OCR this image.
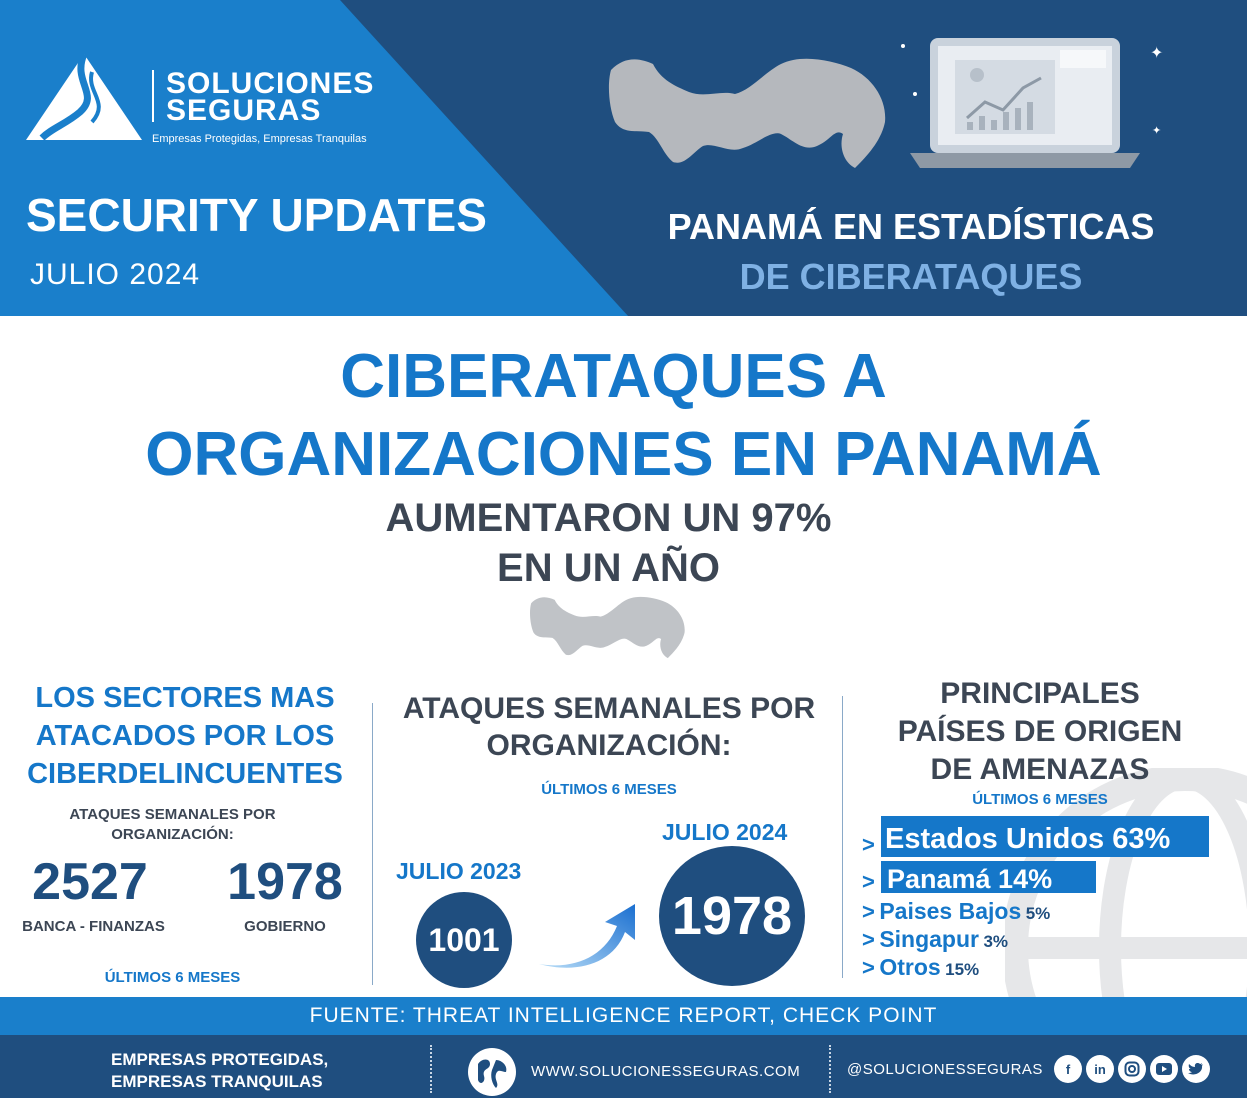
SOLUCIONES
SEGURAS
Empresas Protegidas, Empresas Tranquilas
SECURITY UPDATES
JULIO 2024
✦
✦
PANAMÁ EN ESTADÍSTICAS
DE CIBERATAQUES
CIBERATAQUES A
ORGANIZACIONES EN PANAMÁ
AUMENTARON UN 97%
EN UN AÑO
LOS SECTORES MAS
ATACADOS POR LOS
CIBERDELINCUENTES
ATAQUES SEMANALES POR
ORGANIZACIÓN:
2527	1978
BANCA - FINANZAS	GOBIERNO
ÚLTIMOS 6 MESES
ATAQUES SEMANALES POR
ORGANIZACIÓN:
ÚLTIMOS 6 MESES
JULIO 2023
1001
JULIO 2024
1978
PRINCIPALES
PAÍSES DE ORIGEN
DE AMENAZAS
ÚLTIMOS 6 MESES
> Estados Unidos 63%
> Panamá 14%
> Paises Bajos 5%
> Singapur 3%
> Otros 15%
FUENTE: THREAT INTELLIGENCE REPORT, CHECK POINT
EMPRESAS PROTEGIDAS,
EMPRESAS TRANQUILAS
WWW.SOLUCIONESSEGURAS.COM	@SOLUCIONESSEGURAS	f	in
